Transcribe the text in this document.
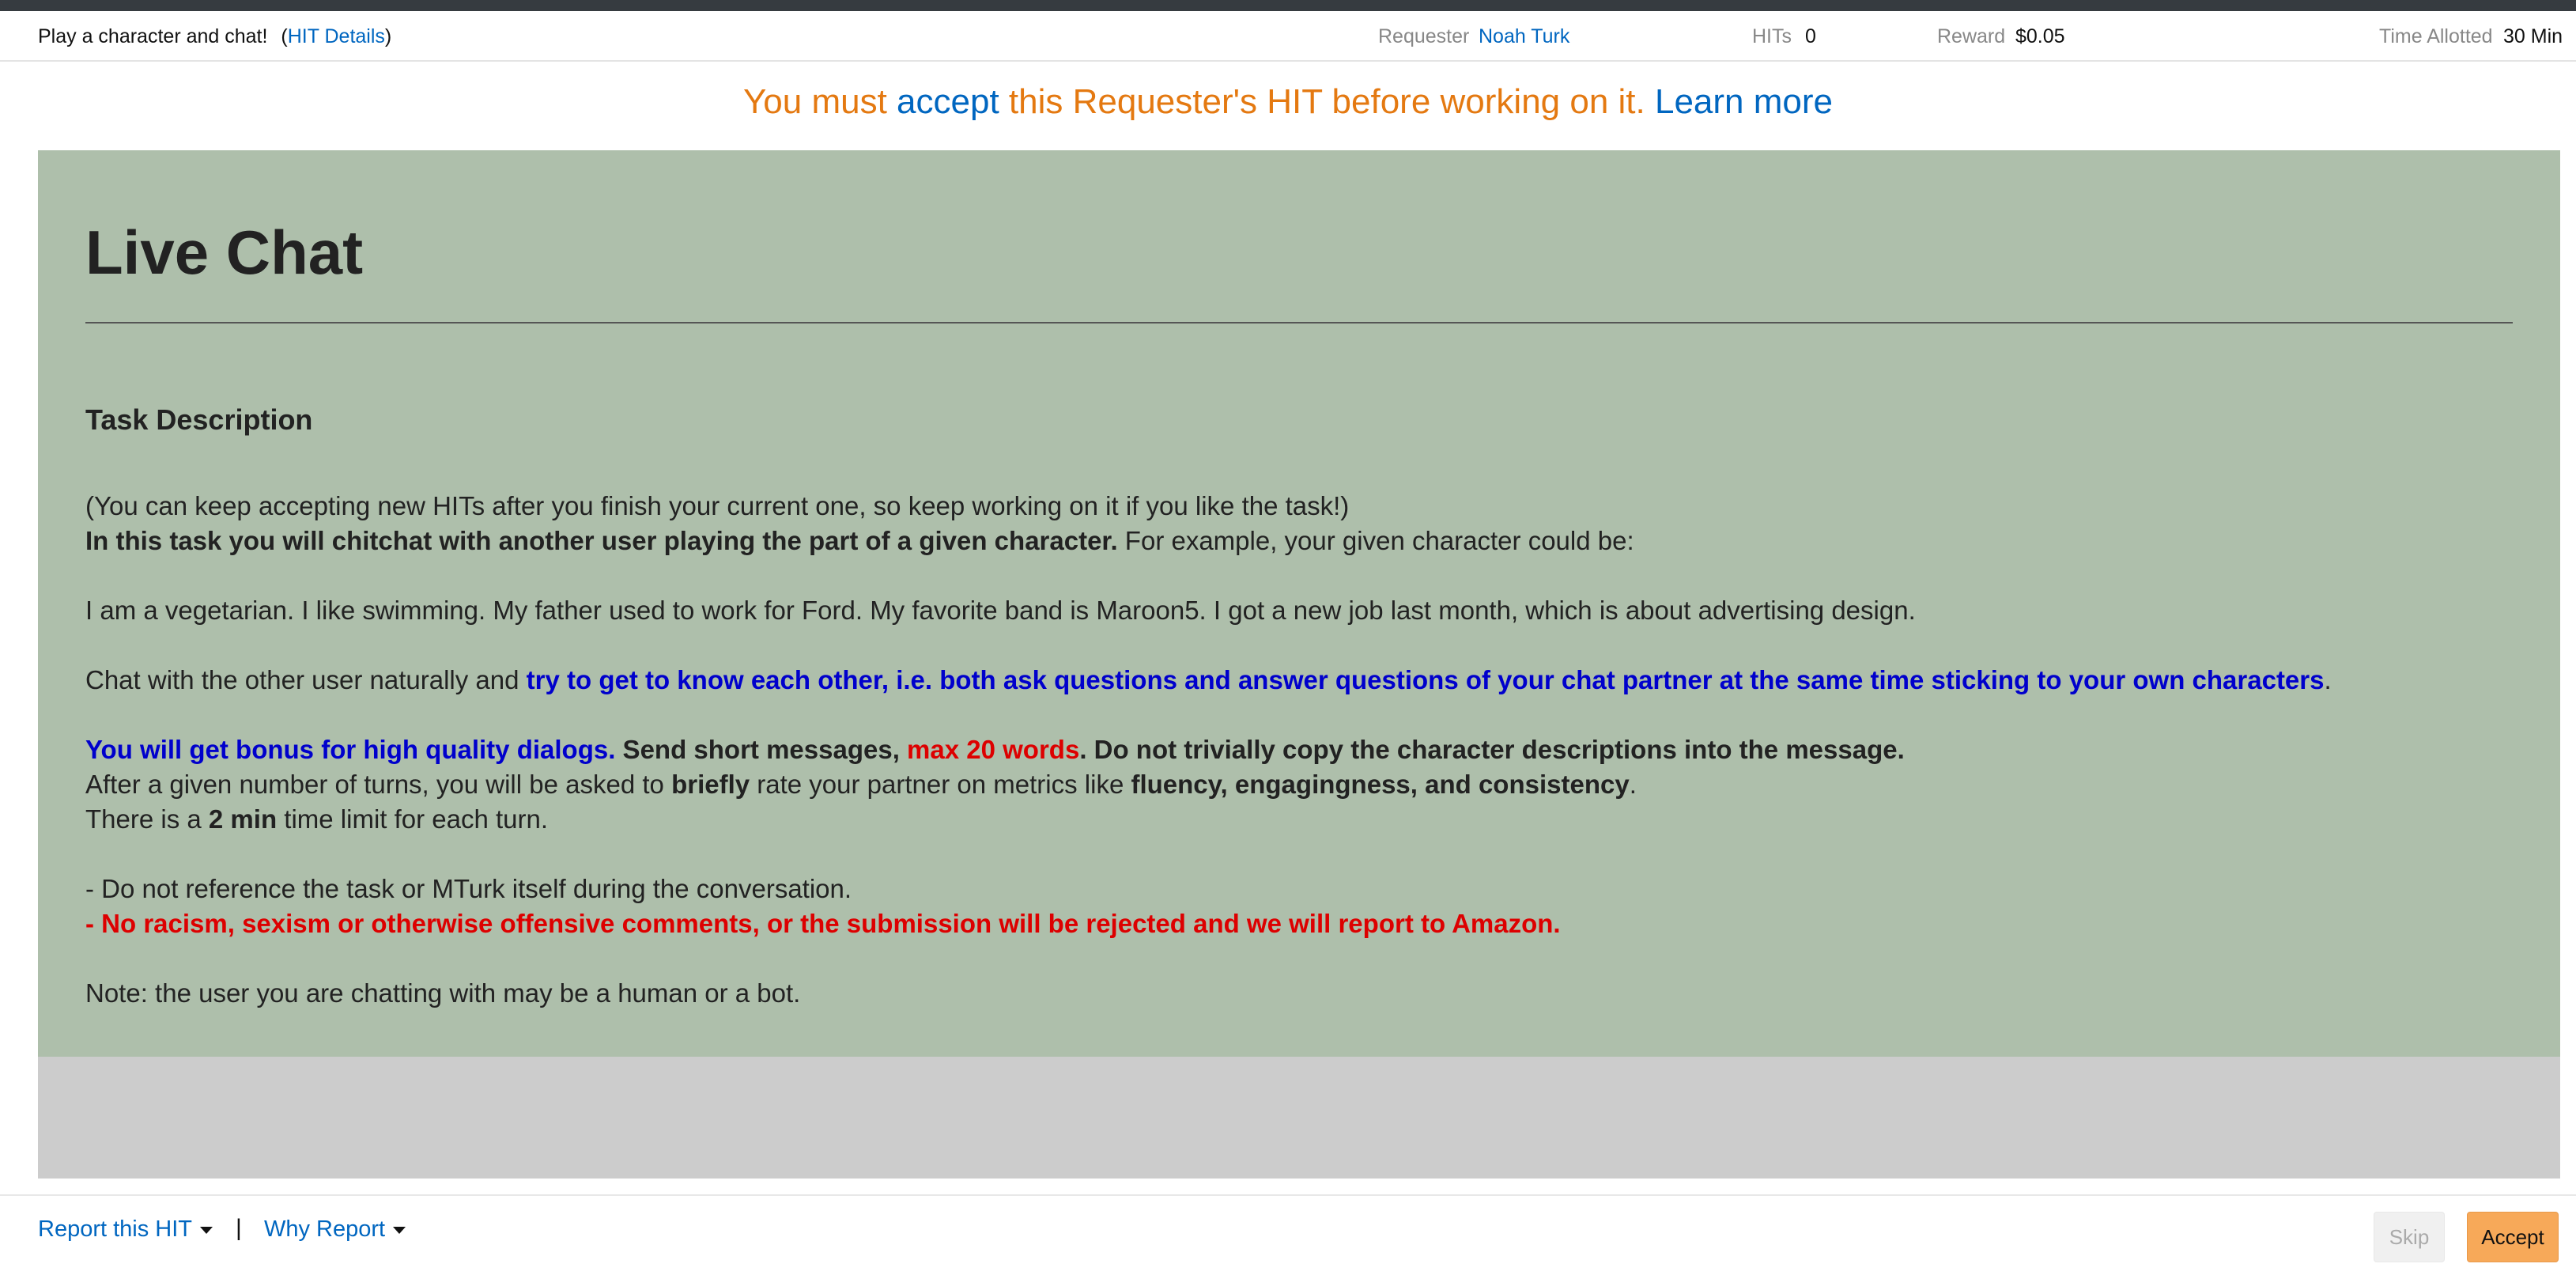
Play a character and chat! (HIT Details)	Requester Noah Turk	HITs 0	Reward $0.05	Time Allotted 30 Min
You must accept this Requester's HIT before working on it. Learn more
Live Chat
Task Description

(You can keep accepting new HITs after you finish your current one, so keep working on it if you like the task!)

In this task you will chitchat with another user playing the part of a given character. For example, your given character could be:

I am a vegetarian. I like swimming. My father used to work for Ford. My favorite band is Maroon5. I got a new job last month, which is about advertising design.

Chat with the other user naturally and try to get to know each other, i.e. both ask questions and answer questions of your chat partner at the same time sticking to your own characters.

You will get bonus for high quality dialogs. Send short messages, max 20 words. Do not trivially copy the character descriptions into the message.

After a given number of turns, you will be asked to briefly rate your partner on metrics like fluency, engagingness, and consistency.

There is a 2 min time limit for each turn.

- Do not reference the task or MTurk itself during the conversation.

- No racism, sexism or otherwise offensive comments, or the submission will be rejected and we will report to Amazon.

Note: the user you are chatting with may be a human or a bot.

Report this HIT	| Why Report	Skip	Accept
